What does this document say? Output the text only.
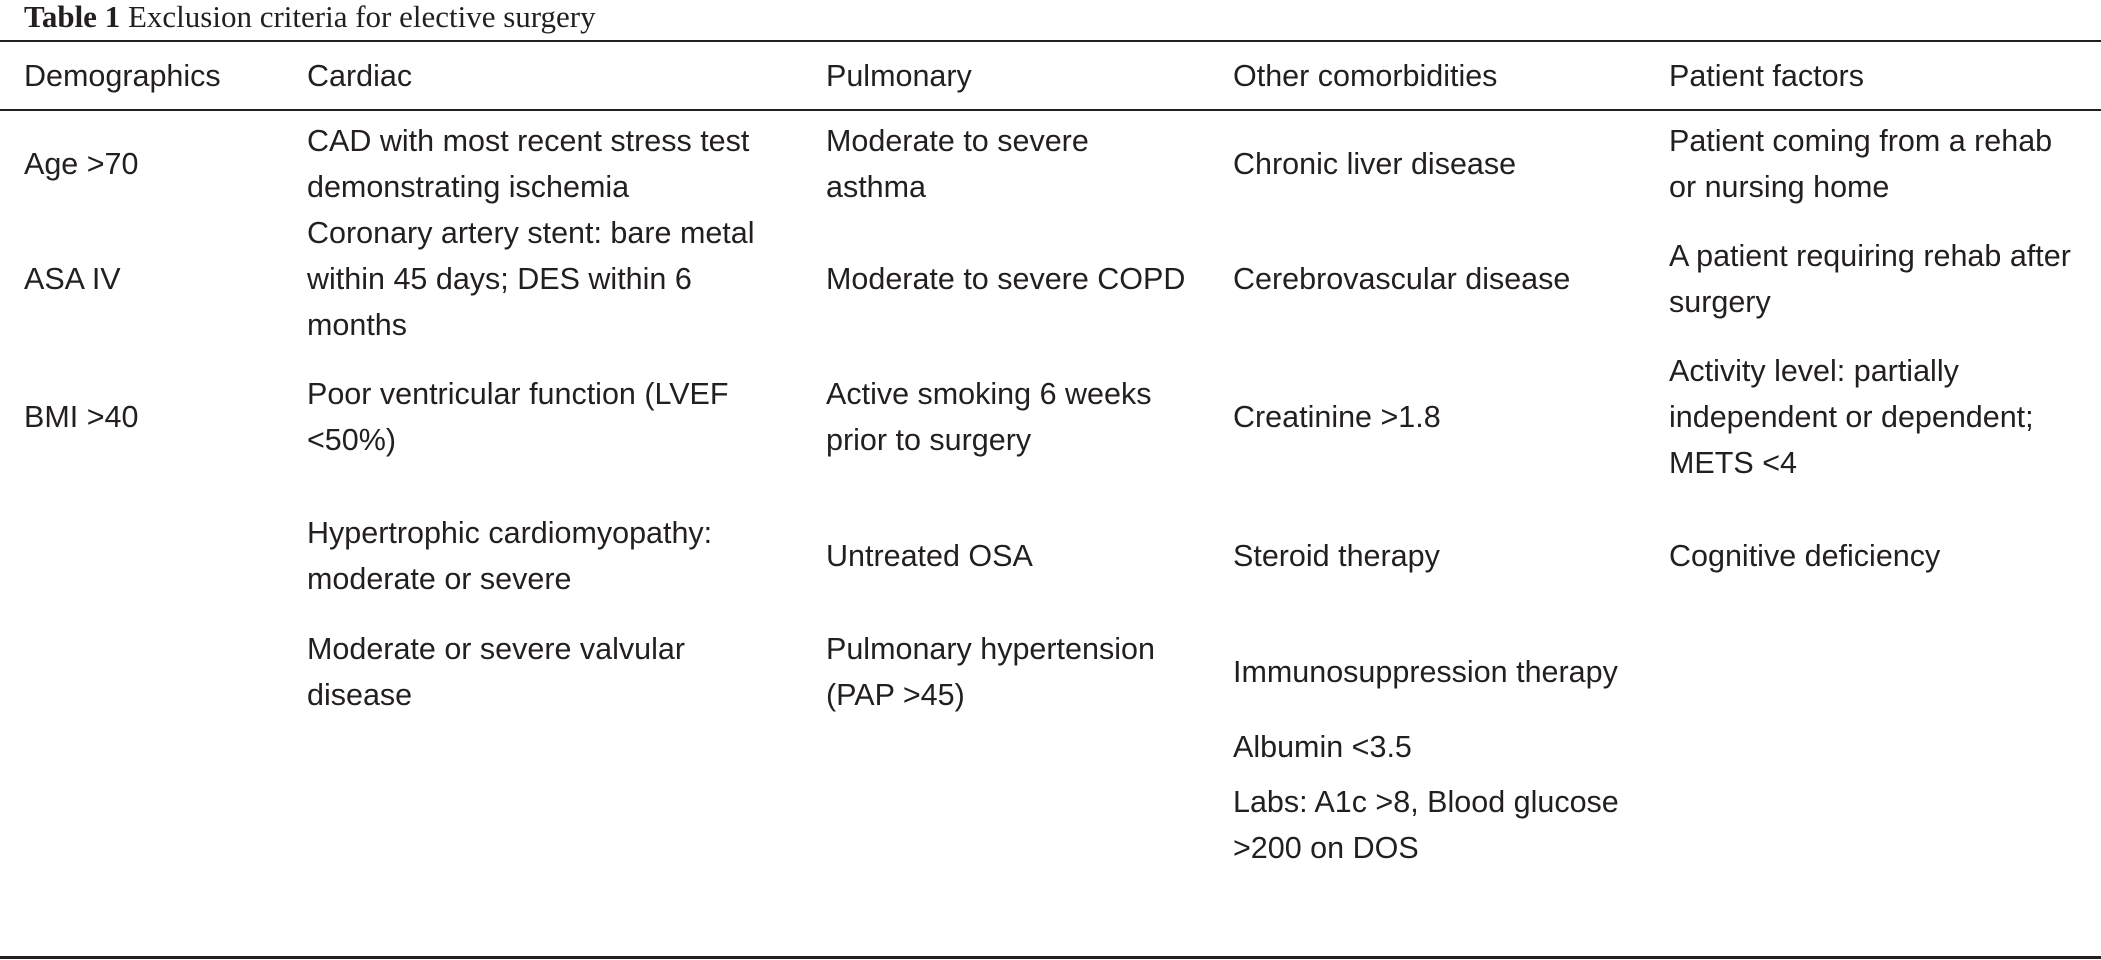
Table 1 Exclusion criteria for elective surgery
Demographics	Cardiac	Pulmonary	Other comorbidities	Patient factors

Age >70	CAD with most recent stress test demonstrating ischemia	Moderate to severe asthma	Chronic liver disease	Patient coming from a rehab or nursing home

ASA IV	Coronary artery stent: bare metal within 45 days; DES within 6 months	Moderate to severe COPD	Cerebrovascular disease	A patient requiring rehab after surgery

BMI >40	Poor ventricular function (LVEF <50%)	Active smoking 6 weeks prior to surgery	Creatinine >1.8	Activity level: partially independent or dependent; METS <4
	Hypertrophic cardiomyopathy: moderate or severe	Untreated OSA	Steroid therapy	Cognitive deficiency
	Moderate or severe valvular disease	Pulmonary hypertension (PAP >45)	Immunosuppression therapy	
			Albumin <3.5	
			Labs: A1c >8, Blood glucose >200 on DOS	
